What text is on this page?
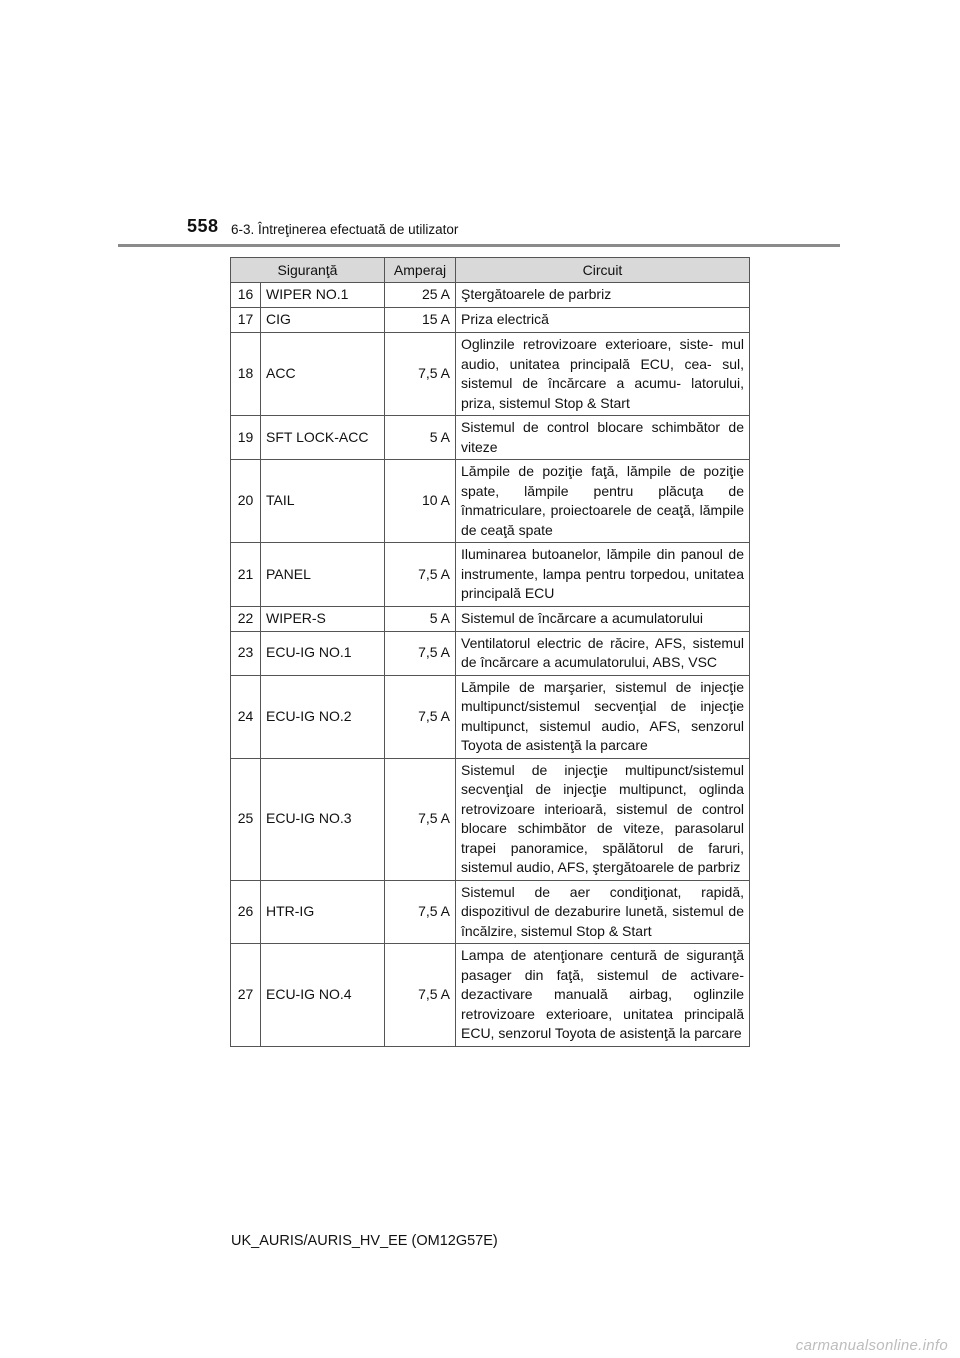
558 6-3. Întreţinerea efectuată de utilizator
Siguranţă		Amperaj	Circuit
16	WIPER NO.1	25 A	Ştergătoarele de parbriz
17	CIG	15 A	Priza electrică
18	ACC	7,5 A	Oglinzile retrovizoare exterioare, siste- mul audio, unitatea principală ECU, cea- sul, sistemul de încărcare a acumu- latorului, priza, sistemul Stop & Start
19	SFT LOCK-ACC	5 A	Sistemul de control blocare schimbător de viteze
20	TAIL	10 A	Lămpile de poziţie faţă, lămpile de poziţie spate, lămpile pentru plăcuţa de înmatriculare, proiectoarele de ceaţă, lămpile de ceaţă spate
21	PANEL	7,5 A	Iluminarea butoanelor, lămpile din panoul de instrumente, lampa pentru torpedou, unitatea principală ECU
22	WIPER-S	5 A	Sistemul de încărcare a acumulatorului
23	ECU-IG NO.1	7,5 A	Ventilatorul electric de răcire, AFS, sistemul de încărcare a acumulatorului, ABS, VSC
24	ECU-IG NO.2	7,5 A	Lămpile de marşarier, sistemul de injecţie multipunct/sistemul secvenţial de injecţie multipunct, sistemul audio, AFS, senzorul Toyota de asistenţă la parcare
25	ECU-IG NO.3	7,5 A	Sistemul de injecţie multipunct/sistemul secvenţial de injecţie multipunct, oglinda retrovizoare interioară, sistemul de control blocare schimbător de viteze, parasolarul trapei panoramice, spălătorul de faruri, sistemul audio, AFS, ştergătoarele de parbriz
26	HTR-IG	7,5 A	Sistemul de aer condiţionat, rapidă, dispozitivul de dezaburire lunetă, sistemul de încălzire, sistemul Stop & Start
27	ECU-IG NO.4	7,5 A	Lampa de atenţionare centură de siguranţă pasager din faţă, sistemul de activare-dezactivare manuală airbag, oglinzile retrovizoare exterioare, unitatea principală ECU, senzorul Toyota de asistenţă la parcare
UK_AURIS/AURIS_HV_EE (OM12G57E)
carmanualsonline.info
